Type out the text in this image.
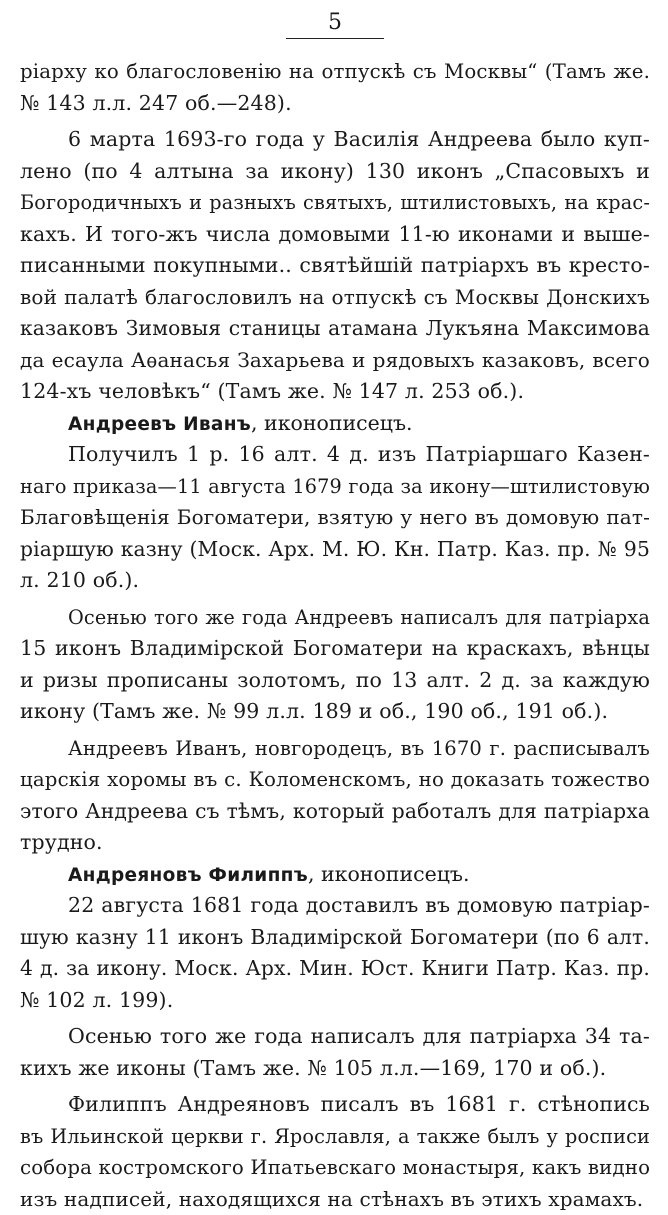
5
ріарху ко благословенію на отпускѣ съ Москвы“ (Тамъ же.
№ 143 л.л. 247 об.—248).
6 марта 1693-го года у Василія Андреева было куп-
лено (по 4 алтына за икону) 130 иконъ „Спасовыхъ и
Богородичныхъ и разныхъ святыхъ, штилистовыхъ, на крас-
кахъ. И того-жъ числа домовыми 11-ю иконами и выше-
писанными покупными.. святѣйшій патріархъ въ крестo-
вой палатѣ благословилъ на отпускѣ съ Москвы Донскихъ
казаковъ Зимовыя станицы атамана Лукъяна Максимова
да есаула Аѳанасья Захарьева и рядовыхъ казаковъ, всего
124-хъ человѣкъ“ (Тамъ же. № 147 л. 253 об.).
Андреевъ Иванъ, иконописецъ.
Получилъ 1 р. 16 алт. 4 д. изъ Патріаршаго Казен-
наго приказа—11 августа 1679 года за икону—штилистовую
Благовѣщенія Богоматери, взятую у него въ домовую пат-
ріаршую казну (Моск. Арх. М. Ю. Кн. Патр. Каз. пр. № 95
л. 210 об.).
Осенью того же года Андреевъ написалъ для патріарха
15 иконъ Владимірской Богоматери на краскахъ, вѣнцы
и ризы прописаны золотомъ, по 13 алт. 2 д. за каждую
икону (Тамъ же. № 99 л.л. 189 и об., 190 об., 191 об.).
Андреевъ Иванъ, новгородецъ, въ 1670 г. расписывалъ
царскія хоромы въ с. Коломенскомъ, но доказать тожество
этого Андреева съ тѣмъ, который работалъ для патріарха
трудно.
Андреяновъ Филиппъ, иконописецъ.
22 августа 1681 года доставилъ въ домовую патріар-
шую казну 11 иконъ Владимірской Богоматери (по 6 алт.
4 д. за икону. Моск. Арх. Мин. Юст. Книги Патр. Каз. пр.
№ 102 л. 199).
Осенью того же года написалъ для патріарха 34 та-
кихъ же иконы (Тамъ же. № 105 л.л.—169, 170 и об.).
Филиппъ Андреяновъ писалъ въ 1681 г. стѣнопись
въ Ильинской церкви г. Ярославля, а также былъ у росписи
собора костромского Ипатьевскаго монастыря, какъ видно
изъ надписей, находящихся на стѣнахъ въ этихъ храмахъ.
